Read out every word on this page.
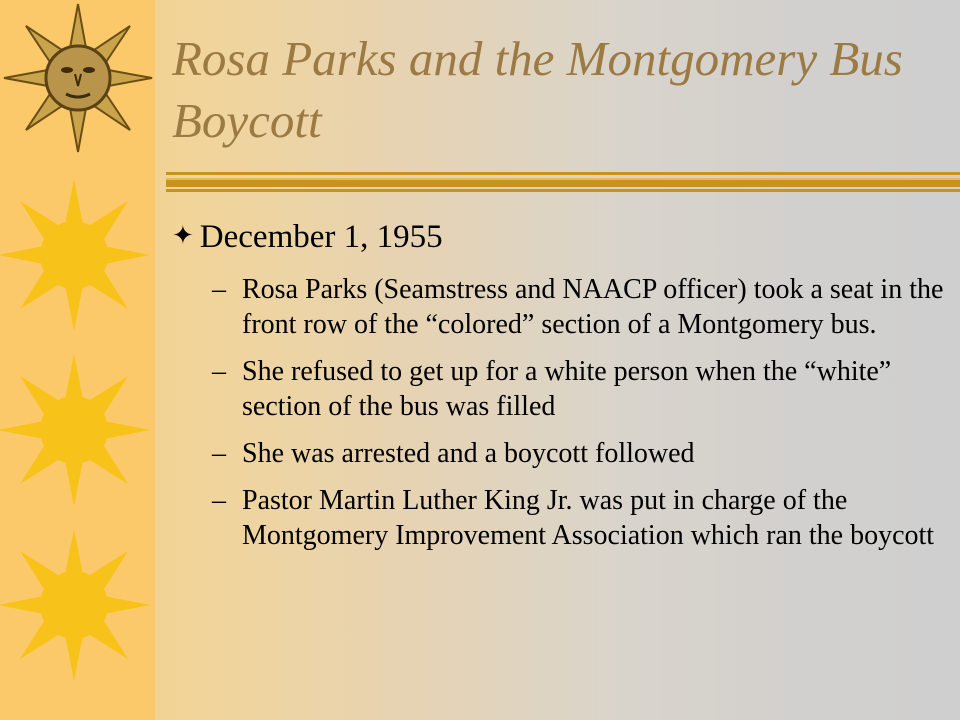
Rosa Parks and the Montgomery Bus Boycott
✦ December 1, 1955
– Rosa Parks (Seamstress and NAACP officer) took a seat in the front row of the “colored” section of a Montgomery bus.
– She refused to get up for a white person when the “white” section of the bus was filled
– She was arrested and a boycott followed
– Pastor Martin Luther King Jr. was put in charge of the Montgomery Improvement Association which ran the boycott
